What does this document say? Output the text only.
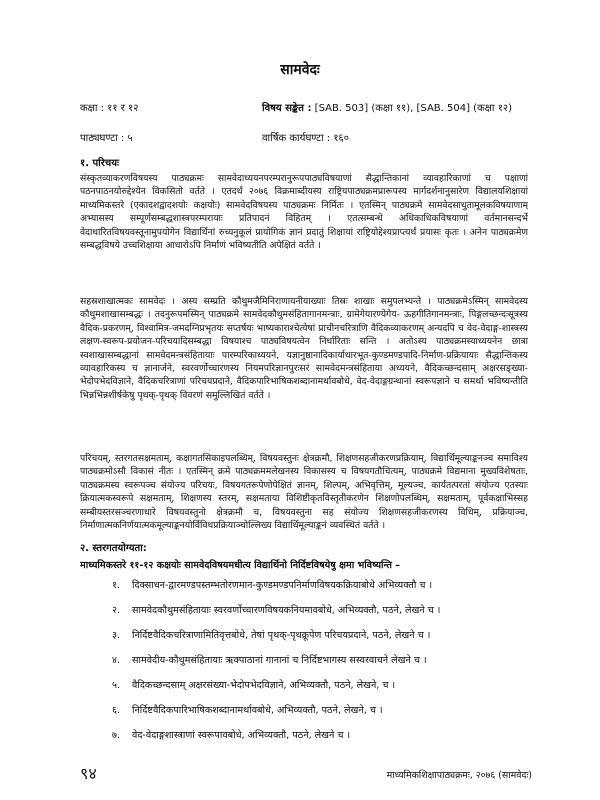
सामवेदः
कक्षा : ११ र १२	विषय सङ्केत : [SAB. 503] (कक्षा ११), [SAB. 504] (कक्षा १२)
पाठ्यघण्टा : ५	वार्षिक कार्यघण्टा : १६०
१. परिचयः

संस्कृतव्याकरणविषयस्य पाठ्यक्रमः सामवेदाध्ययनपरम्परानुरूपपाठ्यविषयाणां सैद्धान्तिकानां व्यावहारिकाणां च पक्षाणां पठनपाठनयोरुद्देश्येन विकसितो वर्तते । एतदर्थं २०७६ विक्रमाब्दीयस्य राष्ट्रियपाठ्यक्रमप्रारूपस्य मार्गदर्शनानुसारेण विद्यालयशिक्षायां माध्यमिकस्तरे (एकादशद्वादशयोः कक्षयोः) सामवेदविषयस्य पाठ्यक्रमः निर्मितः । एतस्मिन् पाठ्यक्रमे सामवेदसाधुतामूलकविषयाणाम् अभ्यासस्य सम्पूर्णसम्बद्धशास्त्रपरम्परायाः प्रतिपादनं विहितम् । एतत्सम्बन्धे अधिकाधिकविषयाणां वर्तमानसन्दर्भे वेदाधारितविषयवस्तूनामुपयोगेन विद्यार्थिनां रुच्यनुकूलं प्रायोगिकं ज्ञानं प्रदातुं शिक्षायां राष्ट्रियोद्देश्यप्राप्त्यर्थं प्रयासः कृतः । अनेन पाठ्यक्रमेण सम्बद्धविषये उच्चशिक्षाया आधारोऽपि निर्माणं भविष्यतीति अपेक्षितं वर्तते ।

सहस्रशाखात्मकः सामवेदः । अस्य सम्प्रति कौथुमजैमिनिराणायनीयाख्याः तिस्रः शाखाः समुपलभ्यन्ते । पाठ्यक्रमेऽस्मिन् सामवेदस्य कौथुमशाखासम्बद्धः । तदनुरूपमस्मिन् पाठ्यक्रमे सामवेदकौथुमसंहितागानमन्त्राः, ग्रामेगेयारण्येगेय- ऊहगीतिगानमन्त्राः, पिङ्गलच्छन्दःसूत्रस्य वैदिक-प्रकरणम्, विश्वामित्र-जमदग्निप्रभृतयः सप्तर्षयः भाष्यकाराश्चेत्येषां प्राचीनचरित्राणि वैदिकव्याकरणम् अन्यदपि च वेद-वेदाङ्ग-शास्त्रस्य लक्षण-स्वरूप-प्रयोजन-परिचयादिसम्बद्धा विषयाश्च पाठ्यविषयत्वेन निर्धारिताः सन्ति । अतोऽस्य पाठ्यक्रमस्याध्ययनेन छात्रा स्वशाखासम्बद्धानां सामवेदमन्त्रसंहितायाः पारम्परिकाध्ययने, यज्ञानुष्ठानादिकार्याधारभूत-कुण्डमण्डपादि-निर्माण-प्रक्रियायाः सैद्धान्तिकस्य व्यावहारिकस्य च ज्ञानार्जने, स्वरवर्णोच्चारणस्य नियमपरिज्ञानपुरःसरं सामवेदमन्त्रसंहिताया अध्ययने, वैदिकच्छन्दसाम् अक्षरसङ्ख्या-भेदोपभेदविज्ञाने, वैदिकचरित्राणां परिचयप्रदाने, वैदिकपारिभाषिकशब्दानामर्थावबोधे, वेद-वेदाङ्गग्रन्थानां स्वरूपज्ञाने च समर्था भविष्यन्तीति भिन्नभिन्नशीर्षकेषु पृथक्-पृथक् विवरणं समुल्लिखितं वर्तते ।

परिचयम्, स्तरगतसक्षमताम्, कक्षागतसिकाइपलब्धिम्, विषयवस्तुनः क्षेत्रक्रमौ, शिक्षणसहजीकरणप्रक्रियाम्, विद्यार्थिमूल्याङ्कनञ्च समाविश्य पाठ्यक्रमोऽसौ विकासं नीतः । एतस्मिन् क्रमे पाठ्यक्रममलेखनस्य विकासस्य च विषयगतौचित्यम्, पाठ्यक्रमे विद्यमाना मुख्यविशेषताः, पाठ्यक्रमस्य स्वरूपञ्च संयोज्य परिचयः, विषयगतरूपेणोपेक्षितं ज्ञानम्, शिल्पम्, अभिवृत्तिम्, मूल्यञ्च, कार्यतत्परतां संयोज्य एतस्याः क्रियात्मकस्वरूपे सक्षमताम्, शिक्षणस्य स्तरम्, सक्षमताया विशिष्टीकृतविस्तृतीकरणेन शिक्षणोपलब्धिम्, सक्षमताम्, पूर्वकक्षाभिस्सह सम्बीयस्तरसञ्चरणाधारे विषयवस्तुनो क्षेत्रक्रमौ च, विषयवस्तुना सह संयोज्य शिक्षणसहजीकरणस्य विधिम्, प्रक्रियाञ्च, निर्माणात्मकनिर्णयात्मकमूल्याङ्कनयोर्विविधप्रक्रियाञ्चोल्लिख्य विद्यार्थिमूल्याङ्कनं व्यवस्थितं वर्तते ।

२. स्तरगतयोग्यता:
माध्यमिकस्तरे ११-१२ कक्षयोः सामवेदविषयमधीत्य विद्यार्थिनो निर्दिष्टविषयेषु क्षमा भविष्यन्ति –
१. दिक्साधन-द्वारमण्डपस्तम्भतोरणमान-कुण्डमण्डपनिर्माणविषयकक्रियाबोधे अभिव्यक्तौ च ।
२. सामवेदकौथुमसंहितायाः स्वरवर्णोच्चारणविषयकनियमावबोधे, अभिव्यक्तौ, पठने, लेखने च ।
३. निर्दिष्टवैदिकचरित्राणामितिवृत्तबोधे, तेषां पृथक्-पृथक्रूपेण परिचयप्रदाने, पठने, लेखने च ।
४. सामवेदीय-कौथुमसंहितायाः ऋक्पाठानां गानानां च निर्दिष्टभागस्य सस्वरवाचने लेखने च ।
५. वैदिकच्छन्दसाम् अक्षरसंख्या-भेदोपभेदविज्ञाने, अभिव्यक्तौ, पठने, लेखने, च ।
६. निर्दिष्टवैदिकपारिभाषिकशब्दानामर्थावबोधे, अभिव्यक्तौ, पठने, लेखने, च ।
७. वेद-वेदाङ्गशास्त्राणां स्वरूपावबोधे, अभिव्यक्तौ, पठने, लेखने च ।
९४	माध्यमिकशिक्षापाठ्यक्रमः, २०७६ (सामवेदः)
